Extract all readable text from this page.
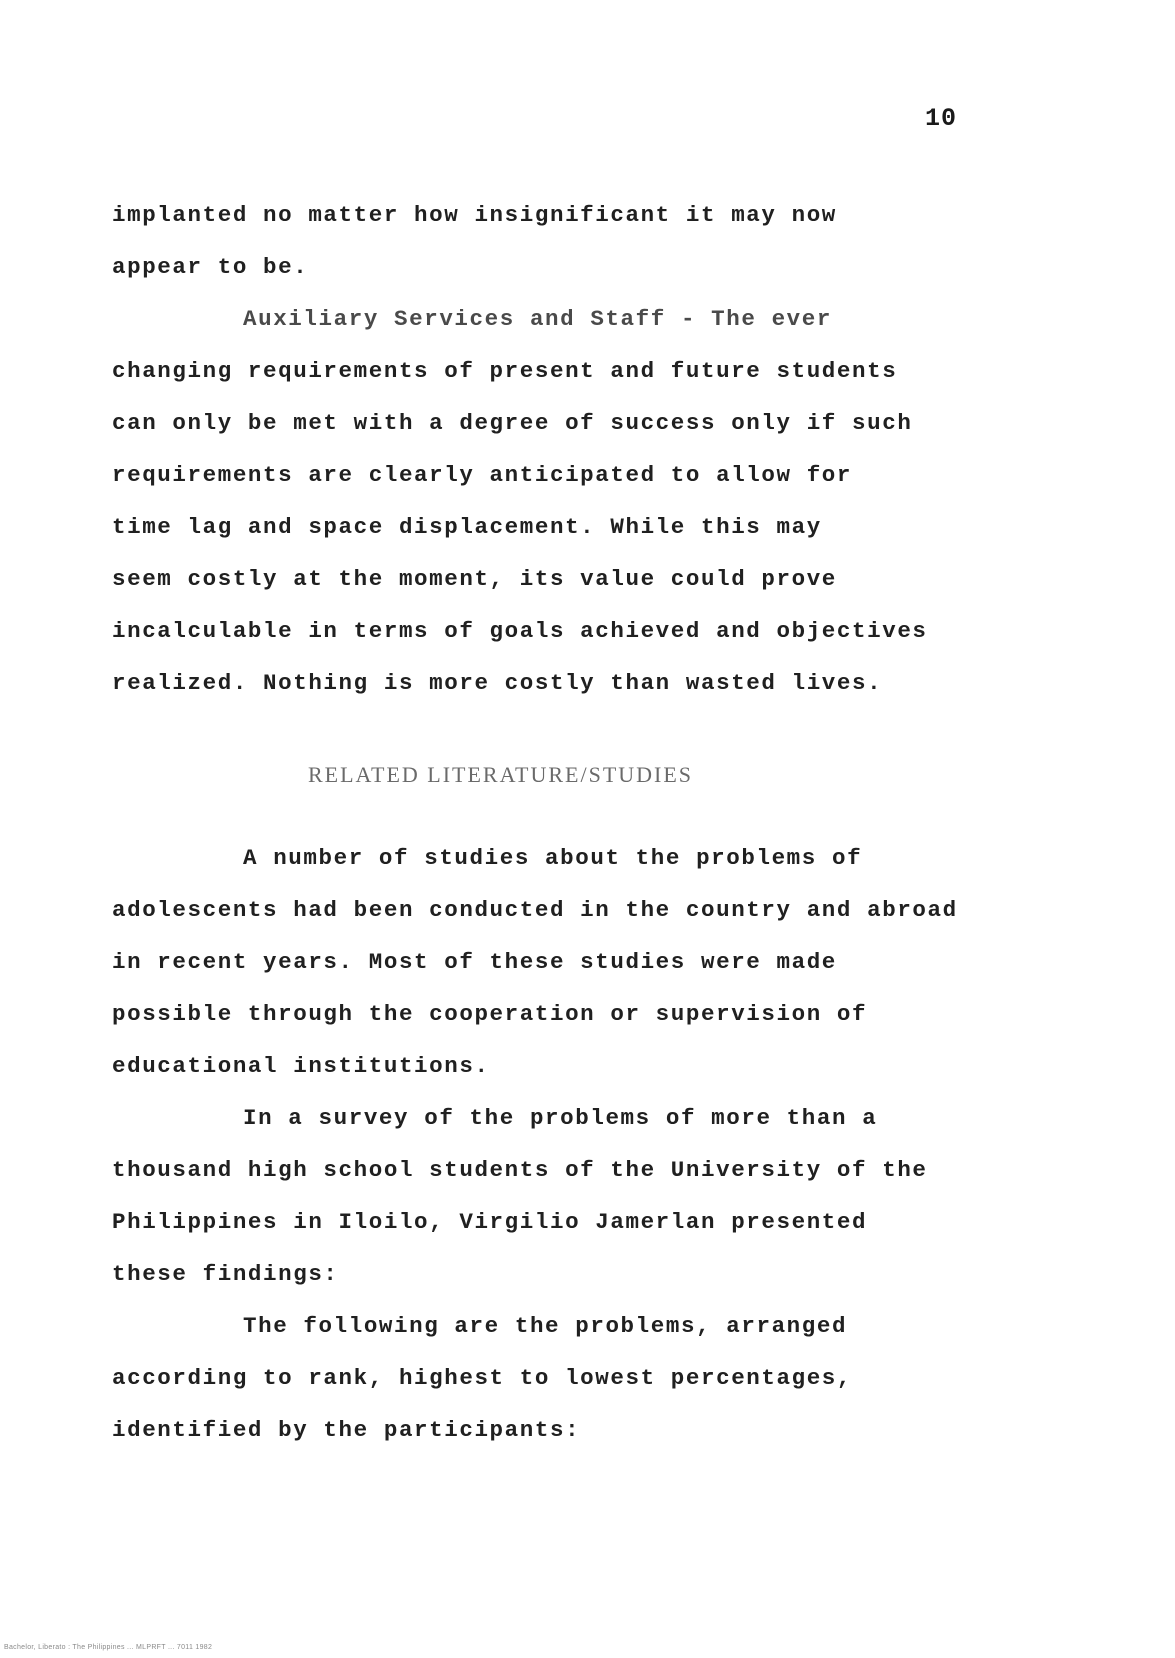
10
implanted no matter how insignificant it may now
appear to be.
Auxiliary Services and Staff - The ever
changing requirements of present and future students
can only be met with a degree of success only if such
requirements are clearly anticipated to allow for
time lag and space displacement. While this may
seem costly at the moment, its value could prove
incalculable in terms of goals achieved and objectives
realized. Nothing is more costly than wasted lives.
RELATED LITERATURE/STUDIES
A number of studies about the problems of
adolescents had been conducted in the country and abroad
in recent years. Most of these studies were made
possible through the cooperation or supervision of
educational institutions.
In a survey of the problems of more than a
thousand high school students of the University of the
Philippines in Iloilo, Virgilio Jamerlan presented
these findings:
The following are the problems, arranged
according to rank, highest to lowest percentages,
identified by the participants:
Bachelor, Liberato : The Philippines ... MLPRFT ... 7011 1982
